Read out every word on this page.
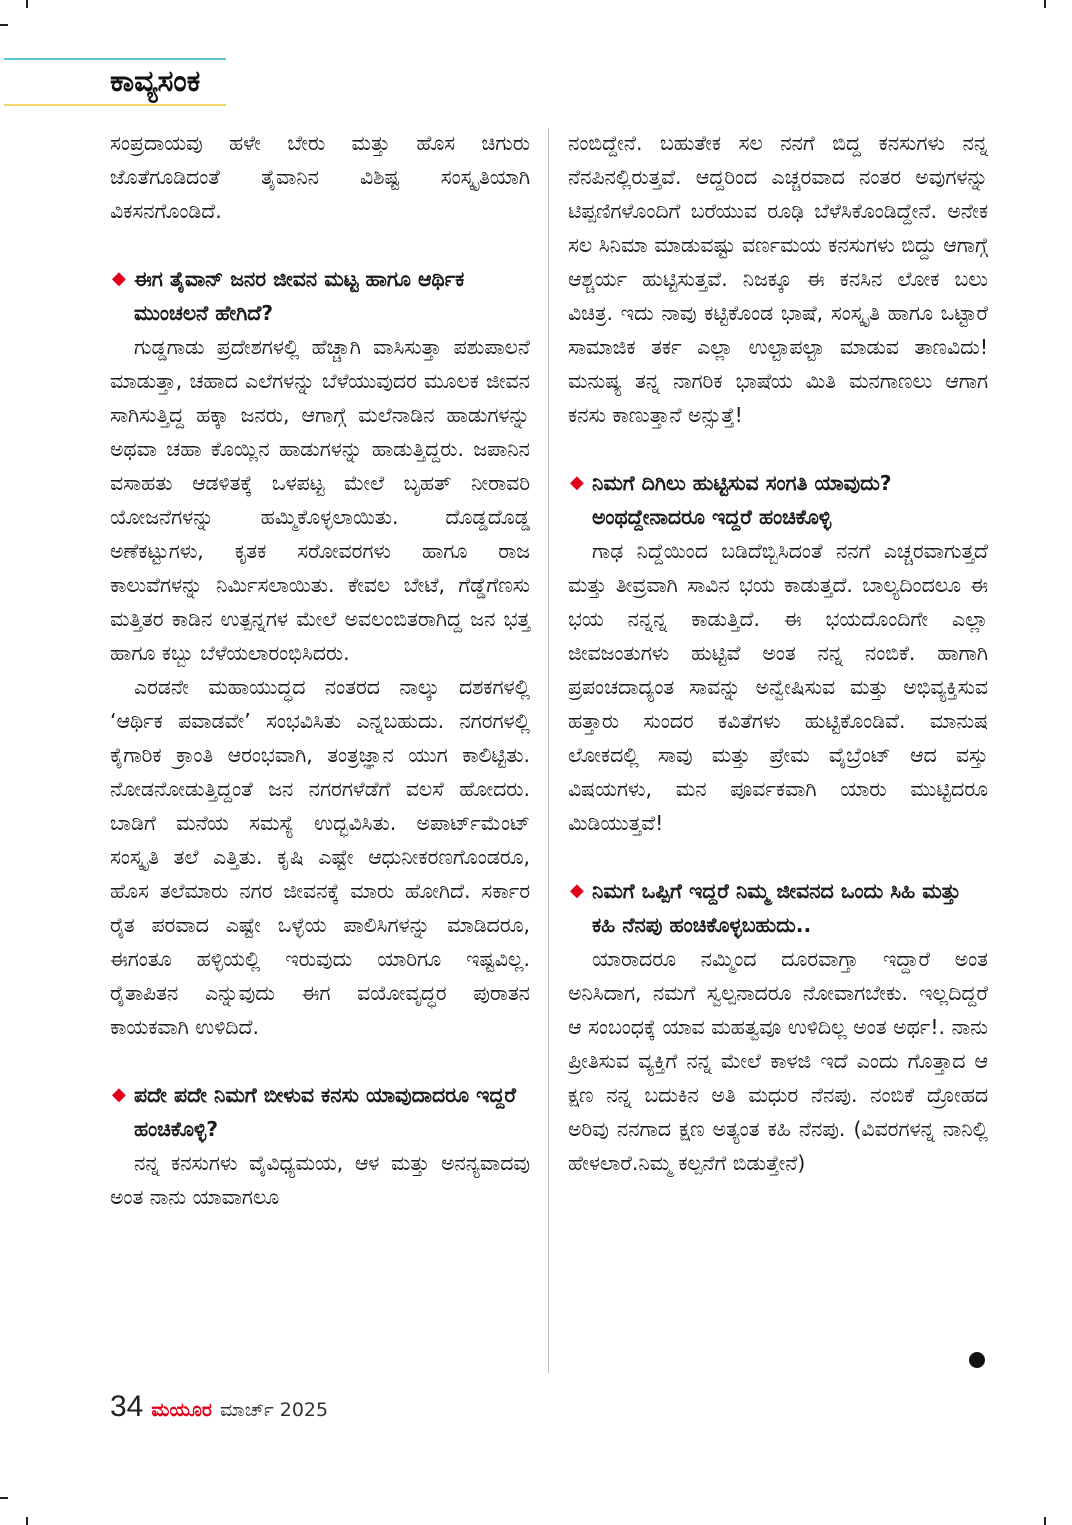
ಕಾವ್ಯಸಂಕ

ಸಂಪ್ರದಾಯವು ಹಳೇ ಬೇರು ಮತ್ತು ಹೊಸ ಚಿಗುರು ಜೊತೆಗೂಡಿದಂತೆ ತೈವಾನಿನ ವಿಶಿಷ್ಟ ಸಂಸ್ಕೃತಿಯಾಗಿ ವಿಕಸನಗೊಂಡಿದೆ.

◆ ಈಗ ತೈವಾನ್ ಜನರ ಜೀವನ ಮಟ್ಟ ಹಾಗೂ ಆರ್ಥಿಕ ಮುಂಚಲನೆ ಹೇಗಿದೆ?

ಗುಡ್ಡಗಾಡು ಪ್ರದೇಶಗಳಲ್ಲಿ ಹೆಚ್ಚಾಗಿ ವಾಸಿಸುತ್ತಾ ಪಶುಪಾಲನೆ ಮಾಡುತ್ತಾ, ಚಹಾದ ಎಲೆಗಳನ್ನು ಬೆಳೆಯುವುದರ ಮೂಲಕ ಜೀವನ ಸಾಗಿಸುತ್ತಿದ್ದ ಹಕ್ಕಾ ಜನರು, ಆಗಾಗ್ಗೆ ಮಲೆನಾಡಿನ ಹಾಡುಗಳನ್ನು ಅಥವಾ ಚಹಾ ಕೊಯ್ಲಿನ ಹಾಡುಗಳನ್ನು ಹಾಡುತ್ತಿದ್ದರು. ಜಪಾನಿನ ವಸಾಹತು ಆಡಳಿತಕ್ಕೆ ಒಳಪಟ್ಟ ಮೇಲೆ ಬೃಹತ್ ನೀರಾವರಿ ಯೋಜನೆಗಳನ್ನು ಹಮ್ಮಿಕೊಳ್ಳಲಾಯಿತು. ದೊಡ್ಡದೊಡ್ಡ ಅಣೆಕಟ್ಟುಗಳು, ಕೃತಕ ಸರೋವರಗಳು ಹಾಗೂ ರಾಜ ಕಾಲುವೆಗಳನ್ನು ನಿರ್ಮಿಸಲಾಯಿತು. ಕೇವಲ ಬೇಟೆ, ಗೆಡ್ಡೆಗೆಣಸು ಮತ್ತಿತರ ಕಾಡಿನ ಉತ್ಪನ್ನಗಳ ಮೇಲೆ ಅವಲಂಬಿತರಾಗಿದ್ದ ಜನ ಭತ್ತ ಹಾಗೂ ಕಬ್ಬು ಬೆಳೆಯಲಾರಂಭಿಸಿದರು.

ಎರಡನೇ ಮಹಾಯುದ್ಧದ ನಂತರದ ನಾಲ್ಕು ದಶಕಗಳಲ್ಲಿ ‘ಆರ್ಥಿಕ ಪವಾಡವೇ’ ಸಂಭವಿಸಿತು ಎನ್ನಬಹುದು. ನಗರಗಳಲ್ಲಿ ಕೈಗಾರಿಕ ಕ್ರಾಂತಿ ಆರಂಭವಾಗಿ, ತಂತ್ರಜ್ಞಾನ ಯುಗ ಕಾಲಿಟ್ಟಿತು. ನೋಡನೋಡುತ್ತಿದ್ದಂತೆ ಜನ ನಗರಗಳೆಡೆಗೆ ವಲಸೆ ಹೋದರು. ಬಾಡಿಗೆ ಮನೆಯ ಸಮಸ್ಯೆ ಉದ್ಭವಿಸಿತು. ಅಪಾರ್ಟ್‌ಮೆಂಟ್ ಸಂಸ್ಕೃತಿ ತಲೆ ಎತ್ತಿತು. ಕೃಷಿ ಎಷ್ಟೇ ಆಧುನೀಕರಣಗೊಂಡರೂ, ಹೊಸ ತಲೆಮಾರು ನಗರ ಜೀವನಕ್ಕೆ ಮಾರು ಹೋಗಿದೆ. ಸರ್ಕಾರ ರೈತ ಪರವಾದ ಎಷ್ಟೇ ಒಳ್ಳೆಯ ಪಾಲಿಸಿಗಳನ್ನು ಮಾಡಿದರೂ, ಈಗಂತೂ ಹಳ್ಳಿಯಲ್ಲಿ ಇರುವುದು ಯಾರಿಗೂ ಇಷ್ಟವಿಲ್ಲ. ರೈತಾಪಿತನ ಎನ್ನುವುದು ಈಗ ವಯೋವೃದ್ಧರ ಪುರಾತನ ಕಾಯಕವಾಗಿ ಉಳಿದಿದೆ.

◆ ಪದೇ ಪದೇ ನಿಮಗೆ ಬೀಳುವ ಕನಸು ಯಾವುದಾದರೂ ಇದ್ದರೆ ಹಂಚಿಕೊಳ್ಳಿ?

ನನ್ನ ಕನಸುಗಳು ವೈವಿಧ್ಯಮಯ, ಆಳ ಮತ್ತು ಅನನ್ಯವಾದವು ಅಂತ ನಾನು ಯಾವಾಗಲೂ

ನಂಬಿದ್ದೇನೆ. ಬಹುತೇಕ ಸಲ ನನಗೆ ಬಿದ್ದ ಕನಸುಗಳು ನನ್ನ ನೆನಪಿನಲ್ಲಿರುತ್ತವೆ. ಆದ್ದರಿಂದ ಎಚ್ಚರವಾದ ನಂತರ ಅವುಗಳನ್ನು ಟಿಪ್ಪಣಿಗಳೊಂದಿಗೆ ಬರೆಯುವ ರೂಢಿ ಬೆಳೆಸಿಕೊಂಡಿದ್ದೇನೆ. ಅನೇಕ ಸಲ ಸಿನಿಮಾ ಮಾಡುವಷ್ಟು ವರ್ಣಮಯ ಕನಸುಗಳು ಬಿದ್ದು ಆಗಾಗ್ಗೆ ಆಶ್ಚರ್ಯ ಹುಟ್ಟಿಸುತ್ತವೆ. ನಿಜಕ್ಕೂ ಈ ಕನಸಿನ ಲೋಕ ಬಲು ವಿಚಿತ್ರ. ಇದು ನಾವು ಕಟ್ಟಿಕೊಂಡ ಭಾಷೆ, ಸಂಸ್ಕೃತಿ ಹಾಗೂ ಒಟ್ಟಾರೆ ಸಾಮಾಜಿಕ ತರ್ಕ ಎಲ್ಲಾ ಉಲ್ಟಾಪಲ್ಟಾ ಮಾಡುವ ತಾಣವಿದು! ಮನುಷ್ಯ ತನ್ನ ನಾಗರಿಕ ಭಾಷೆಯ ಮಿತಿ ಮನಗಾಣಲು ಆಗಾಗ ಕನಸು ಕಾಣುತ್ತಾನೆ ಅನ್ಸುತ್ತೆ!

◆ ನಿಮಗೆ ದಿಗಿಲು ಹುಟ್ಟಿಸುವ ಸಂಗತಿ ಯಾವುದು? ಅಂಥದ್ದೇನಾದರೂ ಇದ್ದರೆ ಹಂಚಿಕೊಳ್ಳಿ

ಗಾಢ ನಿದ್ದೆಯಿಂದ ಬಡಿದೆಬ್ಬಿಸಿದಂತೆ ನನಗೆ ಎಚ್ಚರವಾಗುತ್ತದೆ ಮತ್ತು ತೀವ್ರವಾಗಿ ಸಾವಿನ ಭಯ ಕಾಡುತ್ತದೆ. ಬಾಲ್ಯದಿಂದಲೂ ಈ ಭಯ ನನ್ನನ್ನ ಕಾಡುತ್ತಿದೆ. ಈ ಭಯದೊಂದಿಗೇ ಎಲ್ಲಾ ಜೀವಜಂತುಗಳು ಹುಟ್ಟಿವೆ ಅಂತ ನನ್ನ ನಂಬಿಕೆ. ಹಾಗಾಗಿ ಪ್ರಪಂಚದಾದ್ಯಂತ ಸಾವನ್ನು ಅನ್ವೇಷಿಸುವ ಮತ್ತು ಅಭಿವ್ಯಕ್ತಿಸುವ ಹತ್ತಾರು ಸುಂದರ ಕವಿತೆಗಳು ಹುಟ್ಟಿಕೊಂಡಿವೆ. ಮಾನುಷ ಲೋಕದಲ್ಲಿ ಸಾವು ಮತ್ತು ಪ್ರೇಮ ವೈಬ್ರೆಂಟ್ ಆದ ವಸ್ತು ವಿಷಯಗಳು, ಮನ ಪೂರ್ವಕವಾಗಿ ಯಾರು ಮುಟ್ಟಿದರೂ ಮಿಡಿಯುತ್ತವೆ!

◆ ನಿಮಗೆ ಒಪ್ಪಿಗೆ ಇದ್ದರೆ ನಿಮ್ಮ ಜೀವನದ ಒಂದು ಸಿಹಿ ಮತ್ತು ಕಹಿ ನೆನಪು ಹಂಚಿಕೊಳ್ಳಬಹುದು..

ಯಾರಾದರೂ ನಮ್ಮಿಂದ ದೂರವಾಗ್ತಾ ಇದ್ದಾರೆ ಅಂತ ಅನಿಸಿದಾಗ, ನಮಗೆ ಸ್ವಲ್ಪನಾದರೂ ನೋವಾಗಬೇಕು. ಇಲ್ಲದಿದ್ದರೆ ಆ ಸಂಬಂಧಕ್ಕೆ ಯಾವ ಮಹತ್ವವೂ ಉಳಿದಿಲ್ಲ ಅಂತ ಅರ್ಥ!. ನಾನು ಪ್ರೀತಿಸುವ ವ್ಯಕ್ತಿಗೆ ನನ್ನ ಮೇಲೆ ಕಾಳಜಿ ಇದೆ ಎಂದು ಗೊತ್ತಾದ ಆ ಕ್ಷಣ ನನ್ನ ಬದುಕಿನ ಅತಿ ಮಧುರ ನೆನಪು. ನಂಬಿಕೆ ದ್ರೋಹದ ಅರಿವು ನನಗಾದ ಕ್ಷಣ ಅತ್ಯಂತ ಕಹಿ ನೆನಪು. (ವಿವರಗಳನ್ನ ನಾನಿಲ್ಲಿ ಹೇಳಲಾರೆ.ನಿಮ್ಮ ಕಲ್ಪನೆಗೆ ಬಿಡುತ್ತೇನೆ)

34 ಮಯೂರ ಮಾರ್ಚ್ 2025
